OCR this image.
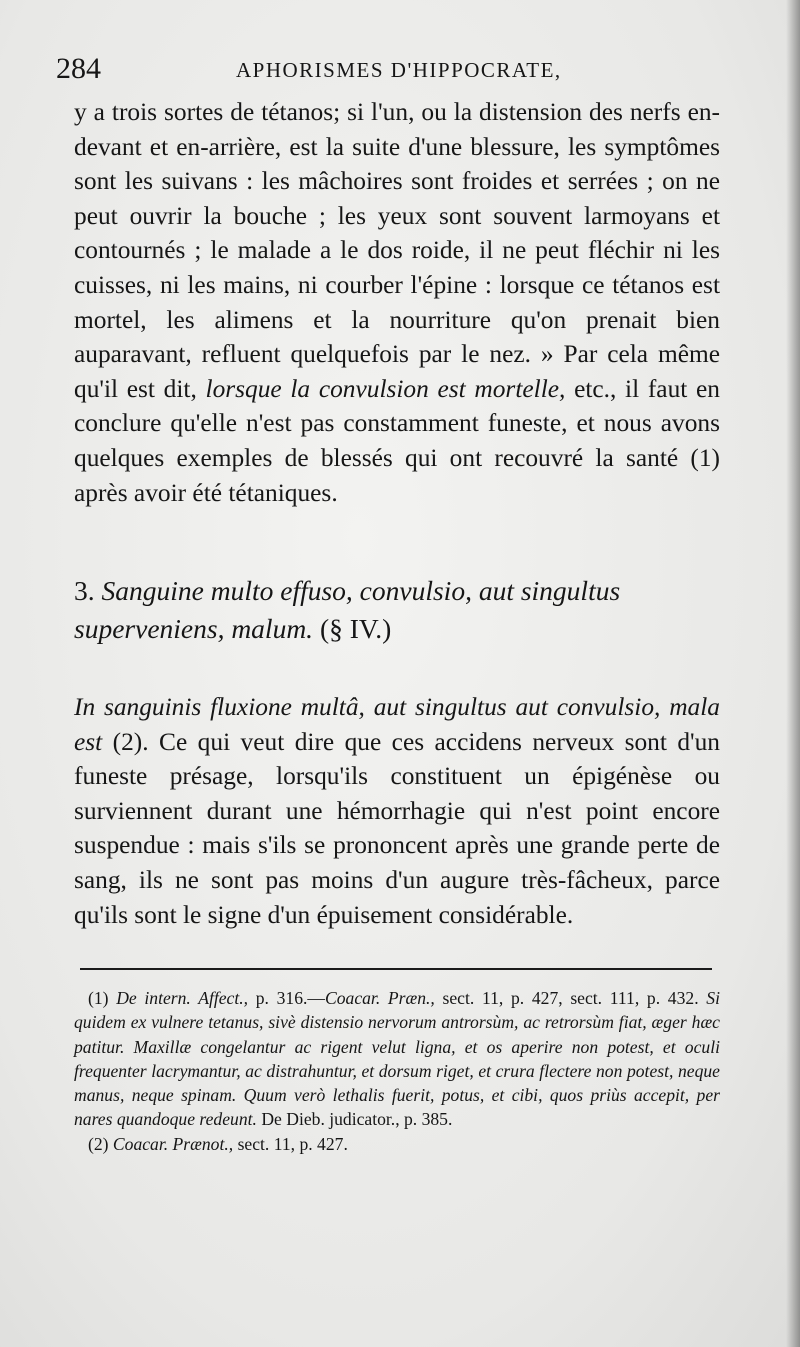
284	APHORISMES D'HIPPOCRATE,

y a trois sortes de tétanos; si l'un, ou la distension des nerfs en-devant et en-arrière, est la suite d'une blessure, les symptômes sont les suivans : les mâchoires sont froides et serrées ; on ne peut ouvrir la bouche ; les yeux sont souvent larmoyans et contournés ; le malade a le dos roide, il ne peut fléchir ni les cuisses, ni les mains, ni courber l'épine : lorsque ce tétanos est mortel, les alimens et la nourriture qu'on prenait bien auparavant, refluent quelquefois par le nez. » Par cela même qu'il est dit, lorsque la convulsion est mortelle, etc., il faut en conclure qu'elle n'est pas constamment funeste, et nous avons quelques exemples de blessés qui ont recouvré la santé (1) après avoir été tétaniques.

3. Sanguine multo effuso, convulsio, aut singultus superveniens, malum. (§ IV.)

In sanguinis fluxione multâ, aut singultus aut convulsio, mala est (2). Ce qui veut dire que ces accidens nerveux sont d'un funeste présage, lorsqu'ils constituent un épigénèse ou surviennent durant une hémorrhagie qui n'est point encore suspendue : mais s'ils se prononcent après une grande perte de sang, ils ne sont pas moins d'un augure très-fâcheux, parce qu'ils sont le signe d'un épuisement considérable.

(1) De intern. Affect., p. 316.—Coacar. Præn., sect. 11, p. 427, sect. 111, p. 432. Si quidem ex vulnere tetanus, sivè distensio nervorum antrorsùm, ac retrorsùm fiat, æger hæc patitur. Maxillæ congelantur ac rigent velut ligna, et os aperire non potest, et oculi frequenter lacrymantur, ac distrahuntur, et dorsum riget, et crura flectere non potest, neque manus, neque spinam. Quum verò lethalis fuerit, potus, et cibi, quos priùs accepit, per nares quandoque redeunt. De Dieb. judicator., p. 385.

(2) Coacar. Prænot., sect. 11, p. 427.
